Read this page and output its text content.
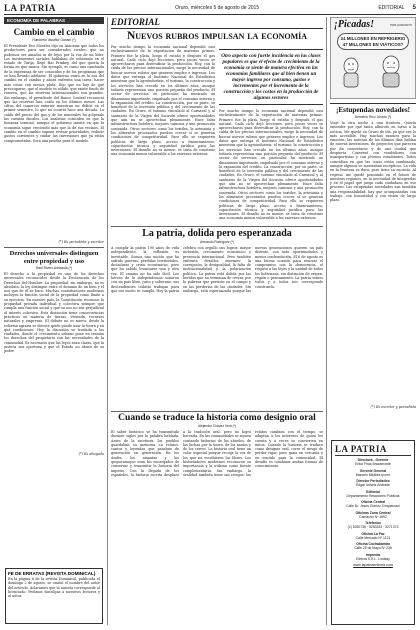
LA PATRIA	Oruro, miércoles 5 de agosto de 2015	EDITORIAL 5
ECONOMÍA DE PALABRAS
Cambio en el cambio
Humberto Vacaflor Ganam (*)
El Presidente Evo Morales dijo en Atacama que todos los productores para ser considerados rivales, que no podemos ser amados ni de lejos por la voz de un líder. Los movimientos sociales hablaban de soberanía en el estado de Tarija, llegó Hai Prinkey, del que quería la forma en que marca. Sin ejemplo, es como una cambiada de la esperanza de ser conocidos y de los programas que se han llevado adelante. El gobierno entró en la era del cambio en el cambio y ahora enfrenta una tarea: hacer más cosas con menos plata. Dijo que no hay de qué preocuparse, que el modelo es sólido, que existe fondo de reserva, que las reservas internacionales son grandes. Sin embargo, el presidente del Banco Central reconoció que las reservas han caído en los últimos meses. Las cifras del comercio exterior muestran un déficit en el primer semestre, lo que no ocurría hace una década. La caída del precio del gas y de los minerales ha golpeado las cuentas fiscales. Los analistas coinciden en que la bonanza terminó, aunque el gobierno insiste en que la economía sigue creciendo más que la de sus vecinos. El cambio en el cambio supone revisar prioridades, reducir gastos corrientes y cuidar las inversiones que ya están comprometidas. Será una prueba para el modelo.
(*) Es periodista y escritor
Derechos universales distinguen entre propiedad y uso
Raúl Rivero Adriázola (*)
El derecho a la propiedad es uno de los derechos universales reconocidos desde la Declaración de los Derechos del Hombre. La propiedad, sin embargo, no es absoluta: la ley distingue entre el dominio de un bien y el uso que de él se hace. Muchas constituciones modernas incluyen la función social de la propiedad como límite a su ejercicio. En nuestro país, la Constitución reconoce la propiedad privada individual y colectiva siempre que cumpla una función social y que su uso no sea perjudicial al interés colectivo. Esta distinción tiene consecuencias prácticas en materia de tierras, vivienda, recursos naturales y empresas. El debate no es nuevo: desde la reforma agraria se discute quién puede usar la tierra y en qué condiciones. Hoy la discusión se traslada a las ciudades, donde el crecimiento urbano pone en tensión los derechos del propietario con las necesidades de la comunidad. Es necesario que las leyes sean claras, que la justicia sea oportuna y que el Estado no abuse de su poder.
(*) Es abogado
FE DE ERRATAS (REVISTA DOMINICAL)
En la página 6 de la revista Dominical, publicada el domingo 2 de agosto, se omitió el nombre del autor del artículo. Aclaramos que la autoría corresponde al licenciado. Pedimos disculpas a nuestros lectores y al autor.
EDITORIAL
Nuevos rubros impulsan la economía
Por mucho tiempo la economía nacional dependió casi exclusivamente de la exportación de materias primas. Primero fue la plata, luego el estaño y después el gas natural. Cada ciclo dejó lecciones, pero pocas veces se aprovecharon para diversificar la producción. Hoy, con la caída de los precios internacionales, surge la necesidad de buscar nuevos rubros que generen empleo e ingresos. Los datos que entrega el Instituto Nacional de Estadística muestran que la agroindustria, el turismo, la construcción y los servicios han crecido en los últimos años, aunque todavía representan una porción pequeña del producto. El sector de servicios, en particular, ha mostrado un dinamismo importante, impulsado por el consumo interno y la expansión del crédito. La construcción, por su parte, se benefició de la inversión pública y del crecimiento de las ciudades. En Oruro, el turismo vinculado al Carnaval y al santuario de la Virgen del Socavón ofrece oportunidades que aún no se aprovechan plenamente. Hace falta infraestructura hotelera, mejores caminos y una promoción sostenida. Otros sectores como los textiles, la artesanía y los alimentos procesados pueden crecer si se generan condiciones de competitividad. Para ello se requieren políticas de largo plazo, acceso a financiamiento, capacitación técnica y seguridad jurídica para las inversiones. El desafío no es menor: se trata de construir una economía menos vulnerable a los vaivenes externos.
Otro aspecto con fuerte incidencia en las clases populares es que el efecto de crecimiento de la economía se siente de manera efectiva en las economías familiares que al bien tienen un mayor ingreso por consumo, gastos e incrementos por el incremento de la construcción y los costos en la producción de algunos sectores
Por mucho tiempo la economía nacional dependió casi exclusivamente de la exportación de materias primas. Primero fue la plata, luego el estaño y después el gas natural. Cada ciclo dejó lecciones, pero pocas veces se aprovecharon para diversificar la producción. Hoy, con la caída de los precios internacionales, surge la necesidad de buscar nuevos rubros que generen empleo e ingresos. Los datos que entrega el Instituto Nacional de Estadística muestran que la agroindustria, el turismo, la construcción y los servicios han crecido en los últimos años, aunque todavía representan una porción pequeña del producto. El sector de servicios, en particular, ha mostrado un dinamismo importante, impulsado por el consumo interno y la expansión del crédito. La construcción, por su parte, se benefició de la inversión pública y del crecimiento de las ciudades. En Oruro, el turismo vinculado al Carnaval y al santuario de la Virgen del Socavón ofrece oportunidades que aún no se aprovechan plenamente. Hace falta infraestructura hotelera, mejores caminos y una promoción sostenida. Otros sectores como los textiles, la artesanía y los alimentos procesados pueden crecer si se generan condiciones de competitividad. Para ello se requieren políticas de largo plazo, acceso a financiamiento, capacitación técnica y seguridad jurídica para las inversiones. El desafío no es menor: se trata de construir una economía menos vulnerable a los vaivenes externos.
¡Picadas!	POR GOROSITO
24 MILLONES EN REFRIGERIO
47 MILLONES EN VIÁTICOS?
¡Estupendas novedades!
Demetrio Ruíz Jurado (*)
Viajé la otra noche a una frontera. Quería entender por qué tanto alboroto en torno a la noticia. Me quedé en Oruro de ida, ya que era lo más accesible. Hay muchas razones para la emoción: las noticias de los últimos días hablan de nuevas inversiones, de proyectos que parecen por fin concretarse y de una ciudad que despierta. Conversé con vendedores, con transportistas y con jóvenes estudiantes. Todos coincidían en que las cosas están cambiando, aunque algunos se mostraban escépticos. La vida en la frontera es dura, pero tiene su encanto. Al regreso me quedé pensando en el futuro de nuestras regiones, en la necesidad de integrarlas y en el papel que juega cada ciudadano en ese proceso. Las estupendas novedades son también una responsabilidad: hay que acompañarlas con trabajo, con honestidad y con visión de largo plazo.
(*) Es escritor y periodista
LA PATRIA
Directora - Gerente
Erika Frías Bracamonte
Gerente General
Marcelo Miralles Iporre
Director Periodístico
Édgar Ustariz Andrade
Editorial
Departamento Relaciones Públicas
Oficina Central
Calle Dr. Jesús Gómez Cinquemani
Oficinas Zona Central
Camacho Nº 1892
Teléfonos
(2) 5250736 · 5283333 · 5271373
Oficina La Paz
Calle Mercado Nº 1121
Oficina Cochabamba
Calle 25 de Mayo Nº 238
Imprenta
Editora S.R.L. Lindsay
www.lapatriaenlinea.com
La patria, dolida pero esperanzada
Armando Rodríguez (*)
A cumplir la patria 190 años de vida independiente, la reflexión es inevitable. Somos una nación que ha sufrido guerras, pérdidas territoriales, dictaduras y crisis económicas, pero que ha sabido levantarse una y otra vez. El camino no ha sido fácil. Los héroes de la independencia soñaron con un país libre, justo y soberano; sus descendientes todavía trabajan para que ese sueño se cumpla. Hoy la patria celebra con orgullo sus logros: mayor inclusión, crecimiento económico y presencia internacional. Pero también enfrenta desafíos enormes: la corrupción, la desigualdad, la falta de institucionalidad y la polarización política. La patria está dolida por las heridas que no terminan de cerrar, por la pobreza que persiste en el campo y en las periferias de las ciudades. Sin embargo, está esperanzada porque las nuevas generaciones quieren un país distinto, con más oportunidades y menos confrontación. El 6 de agosto es una buena ocasión para renovar el compromiso con la democracia, el respeto a las leyes y la unidad de todos los bolivianos, sin distinción de origen, región o pensamiento. La patria somos todos y a todos nos corresponde construirla.
Cuando se traduce la historia como designio oral
Alejandro Chávez Vera (*)
El saber histórico se ha transmitido durante siglos por la palabra hablada. Antes de la escritura, los pueblos guardaban su memoria en relatos, cantos y leyendas que pasaban de generación en generación. En los Andes, los amautas y los quipucamayoc eran los encargados de conservar y transmitir la historia del imperio. Con la llegada de los españoles, la historia escrita desplazó a la tradición oral, pero no logró borrarla. En las comunidades se siguen contando historias de los abuelos, de las luchas por la tierra, de los santos y de los cerros. La historia oral tiene un valor especial porque recoge la voz de los que no escribieron los libros. Los historiadores modernos reconocen su importancia y la utilizan como fuente complementaria. Sin embargo, la oralidad también tiene sus riesgos: los relatos cambian con el tiempo, se adaptan a los intereses de quien los cuenta y a veces se convierten en mitos. Cuando la historia se traduce como designio oral, corre el riesgo de perder rigor, pero gana en cercanía y en sentido para la comunidad. El desafío es combinar ambas formas de conocimiento.
